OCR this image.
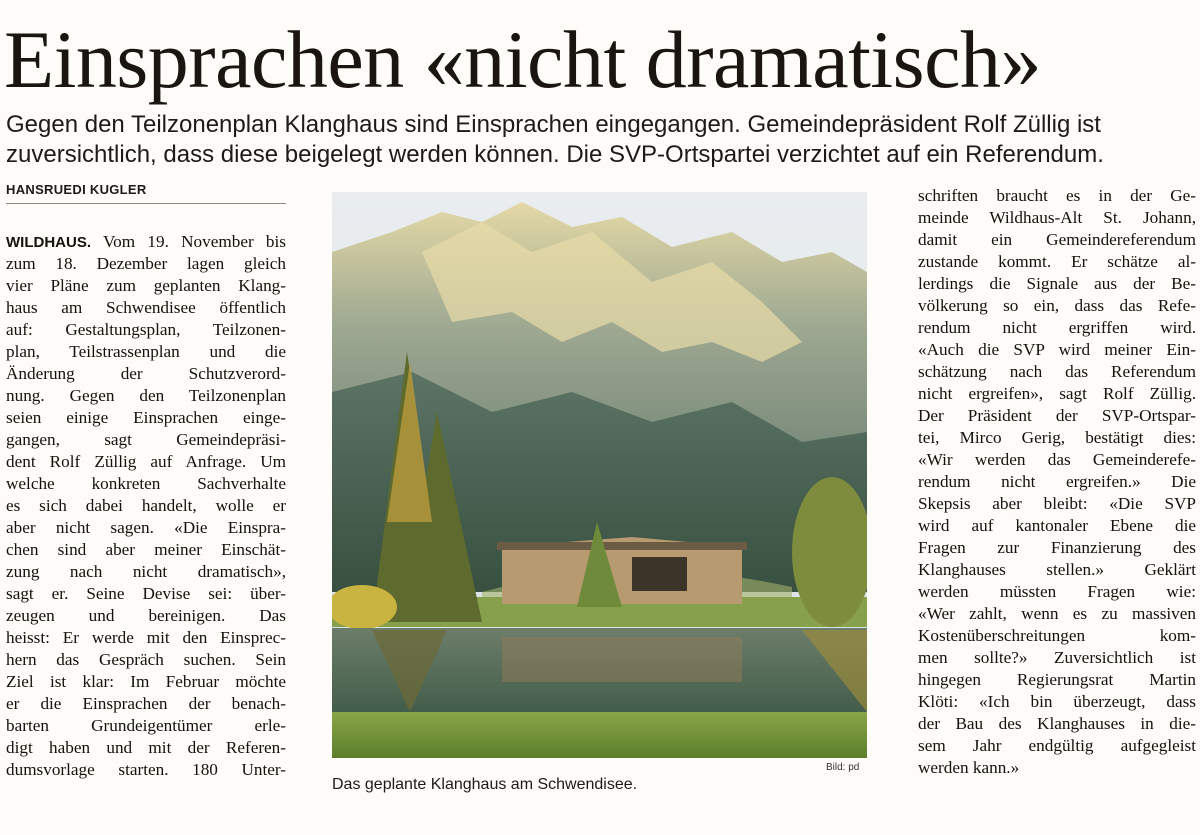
Einsprachen «nicht dramatisch»
Gegen den Teilzonenplan Klanghaus sind Einsprachen eingegangen. Gemeindepräsident Rolf Züllig ist
zuversichtlich, dass diese beigelegt werden können. Die SVP-Ortspartei verzichtet auf ein Referendum.
HANSRUEDI KUGLER
WILDHAUS. Vom 19. November bis
zum 18. Dezember lagen gleich
vier Pläne zum geplanten Klang-
haus am Schwendisee öffentlich
auf: Gestaltungsplan, Teilzonen-
plan, Teilstrassenplan und die
Änderung der Schutzverord-
nung. Gegen den Teilzonenplan
seien einige Einsprachen einge-
gangen, sagt Gemeindepräsi-
dent Rolf Züllig auf Anfrage. Um
welche konkreten Sachverhalte
es sich dabei handelt, wolle er
aber nicht sagen. «Die Einspra-
chen sind aber meiner Einschät-
zung nach nicht dramatisch»,
sagt er. Seine Devise sei: über-
zeugen und bereinigen. Das
heisst: Er werde mit den Einsprec-
hern das Gespräch suchen. Sein
Ziel ist klar: Im Februar möchte
er die Einsprachen der benach-
barten Grundeigentümer erle-
digt haben und mit der Referen-
dumsvorlage starten. 180 Unter-	Bild: pd
Das geplante Klanghaus am Schwendisee.
schriften braucht es in der Ge-
meinde Wildhaus-Alt St. Johann,
damit ein Gemeindereferendum
zustande kommt. Er schätze al-
lerdings die Signale aus der Be-
völkerung so ein, dass das Refe-
rendum nicht ergriffen wird.
«Auch die SVP wird meiner Ein-
schätzung nach das Referendum
nicht ergreifen», sagt Rolf Züllig.
Der Präsident der SVP-Ortspar-
tei, Mirco Gerig, bestätigt dies:
«Wir werden das Gemeinderefe-
rendum nicht ergreifen.» Die
Skepsis aber bleibt: «Die SVP
wird auf kantonaler Ebene die
Fragen zur Finanzierung des
Klanghauses stellen.» Geklärt
werden müssten Fragen wie:
«Wer zahlt, wenn es zu massiven
Kostenüberschreitungen kom-
men sollte?» Zuversichtlich ist
hingegen Regierungsrat Martin
Klöti: «Ich bin überzeugt, dass
der Bau des Klanghauses in die-
sem Jahr endgültig aufgegleist
werden kann.»
